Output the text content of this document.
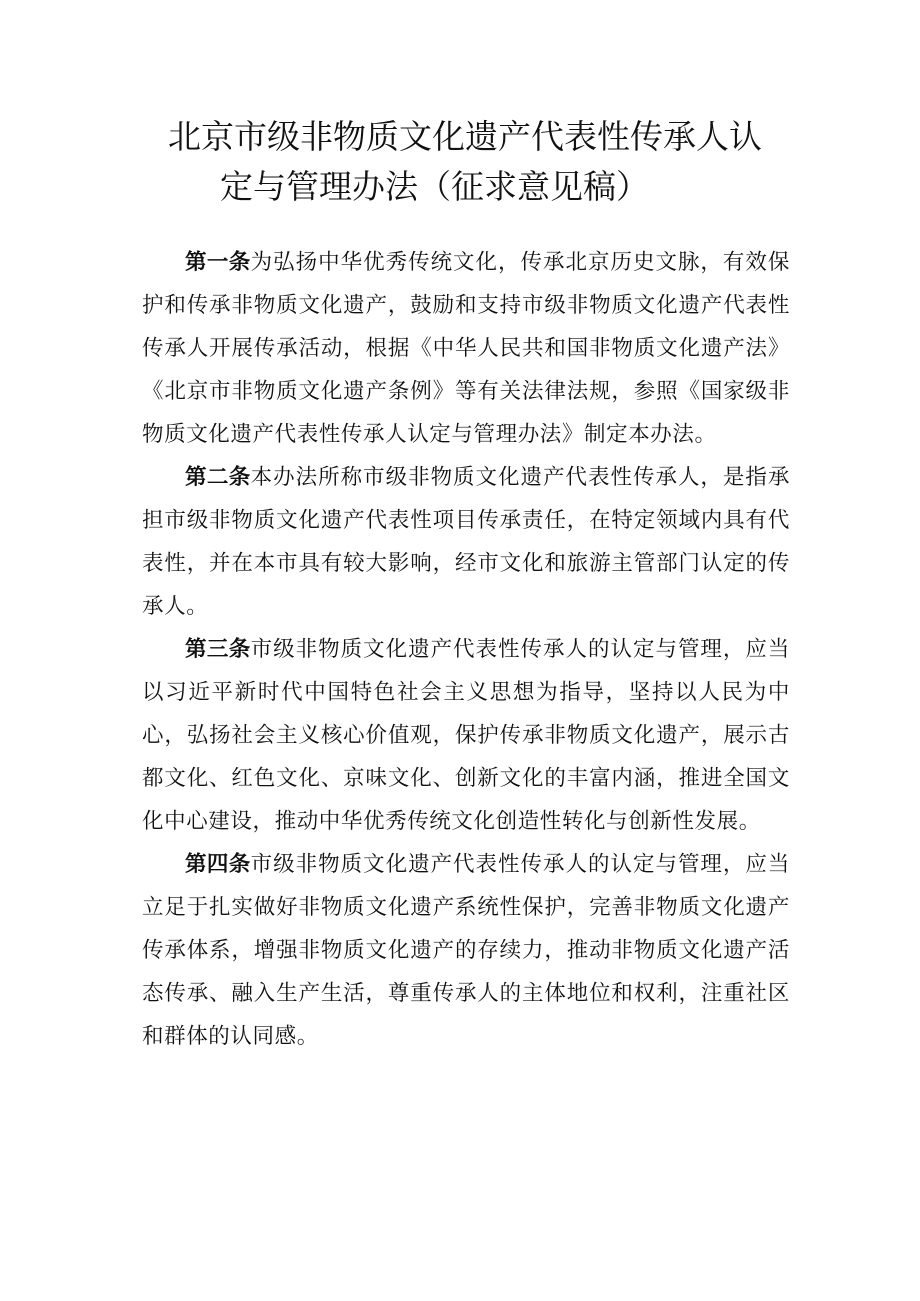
北京市级非物质文化遗产代表性传承人认
定与管理办法（征求意见稿）

第一条为弘扬中华优秀传统文化，传承北京历史文脉，有效保护和传承非物质文化遗产，鼓励和支持市级非物质文化遗产代表性传承人开展传承活动，根据《中华人民共和国非物质文化遗产法》《北京市非物质文化遗产条例》等有关法律法规，参照《国家级非物质文化遗产代表性传承人认定与管理办法》制定本办法。

第二条本办法所称市级非物质文化遗产代表性传承人，是指承担市级非物质文化遗产代表性项目传承责任，在特定领域内具有代表性，并在本市具有较大影响，经市文化和旅游主管部门认定的传承人。

第三条市级非物质文化遗产代表性传承人的认定与管理，应当以习近平新时代中国特色社会主义思想为指导，坚持以人民为中心，弘扬社会主义核心价值观，保护传承非物质文化遗产，展示古都文化、红色文化、京味文化、创新文化的丰富内涵，推进全国文化中心建设，推动中华优秀传统文化创造性转化与创新性发展。

第四条市级非物质文化遗产代表性传承人的认定与管理，应当立足于扎实做好非物质文化遗产系统性保护，完善非物质文化遗产传承体系，增强非物质文化遗产的存续力，推动非物质文化遗产活态传承、融入生产生活，尊重传承人的主体地位和权利，注重社区和群体的认同感。
